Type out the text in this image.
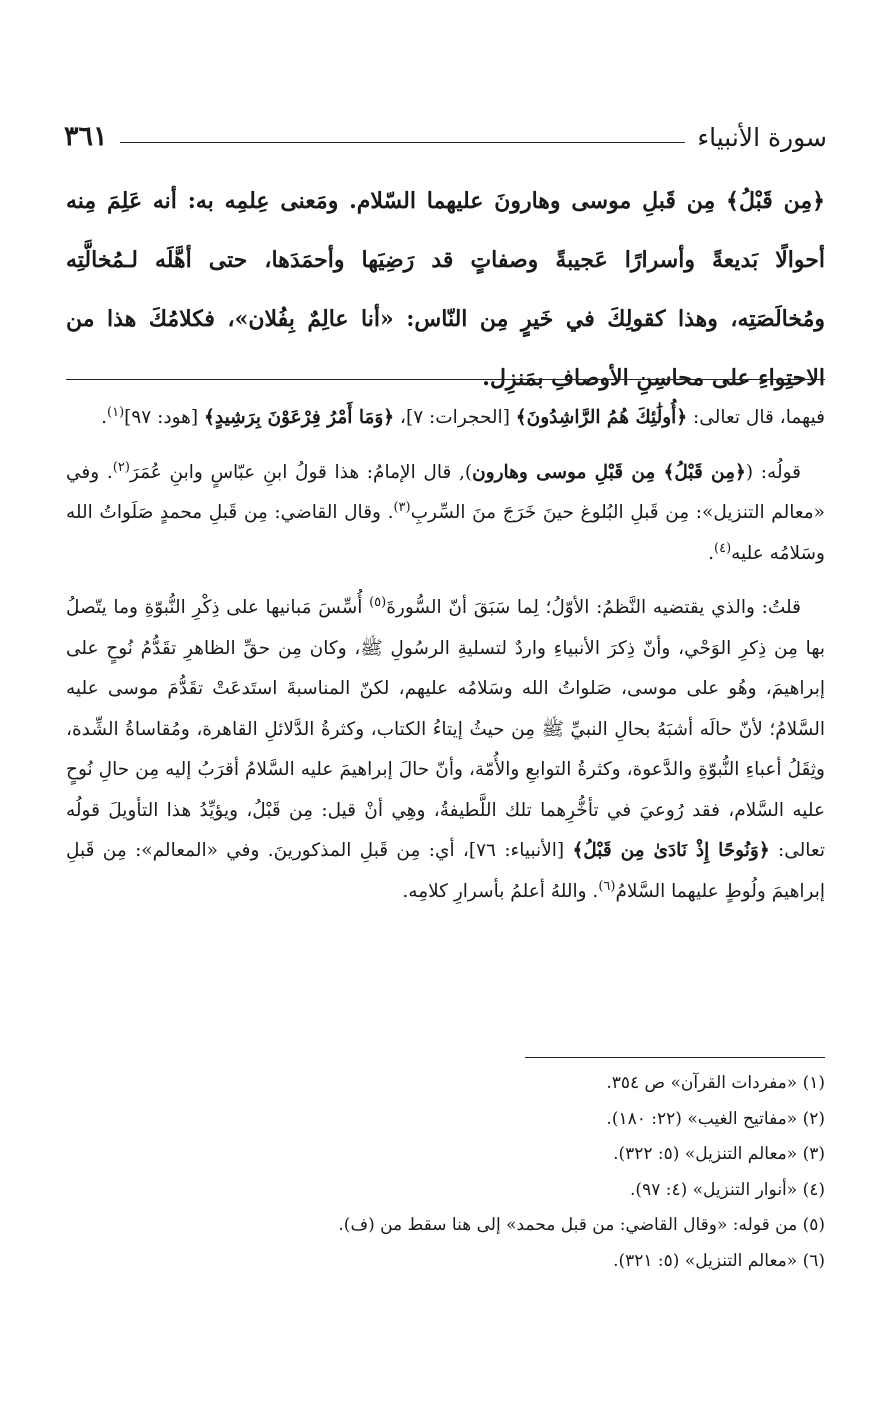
سورة الأنبياء
٣٦١
﴿مِن قَبْلُ﴾ مِن قَبلِ موسى وهارونَ عليهما السّلام. ومَعنى عِلمِه به: أنه عَلِمَ مِنه أحوالًا بَديعةً وأسرارًا عَجيبةً وصفاتٍ قد رَضِيَها وأحمَدَها، حتى أهَّلَه لـمُخالَّتِه ومُخالَصَتِه، وهذا كقولِكَ في خَيرٍ مِن النّاس: «أنا عالِمٌ بِفُلان»، فكلامُكَ هذا من الاحتِواءِ على محاسِنِ الأوصافِ بمَنزِل.

فيهما، قال تعالى: ﴿أُولَٰئِكَ هُمُ الرَّاشِدُونَ﴾ [الحجرات: ٧]، ﴿وَمَا أَمْرُ فِرْعَوْنَ بِرَشِيدٍ﴾ [هود: ٩٧]$^{(١)}$.

قولُه: (﴿مِن قَبْلُ﴾ مِن قَبْلِ موسى وهارون), قال الإمامُ: هذا قولُ ابنِ عبّاسٍ وابنِ عُمَرَ$^{(٢)}$. وفي «معالم التنزيل»: مِن قَبلِ البُلوغ حينَ خَرَجَ منَ السِّربِ$^{(٣)}$. وقال القاضي: مِن قَبلِ محمدٍ صَلَواتُ الله وسَلامُه عليه$^{(٤)}$.

قلتُ: والذي يقتضيه النَّظمُ: الأوّلُ؛ لِما سَبَقَ أنّ السُّورةَ$^{(٥)}$ أُسِّسَ مَبانيها على ذِكْرِ النُّبوّةِ وما يتّصلُ بها مِن ذِكرِ الوَحْي، وأنّ ذِكرَ الأنبياءِ واردٌ لتسليةِ الرسُولِ ﷺ، وكان مِن حقِّ الظاهرِ تقَدُّمُ نُوحٍ على إبراهيمَ، وهُو على موسى، صَلواتُ الله وسَلامُه عليهم، لكنّ المناسبةَ استَدعَتْ تقَدُّمَ موسى عليه السَّلامُ؛ لأنّ حالَه أشبَهُ بحالِ النبيِّ ﷺ مِن حيثُ إيتاءُ الكتاب، وكثرةُ الدَّلائلِ القاهرة، ومُقاساةُ الشِّدة، وثِقَلُ أعباءِ النُّبوّةِ والدَّعوة، وكثرةُ التوابعِ والأُمّة، وأنّ حالَ إبراهيمَ عليه السَّلامُ أقرَبُ إليه مِن حالِ نُوحٍ عليه السَّلام، فقد رُوعيَ في تأخُّرِهما تلك اللَّطيفةُ، وهِي أنْ قيل: مِن قَبْلُ، ويؤيِّدُ هذا التأويلَ قولُه تعالى: ﴿وَنُوحًا إِذْ نَادَىٰ مِن قَبْلُ﴾ [الأنبياء: ٧٦]، أي: مِن قَبلِ المذكورينَ. وفي «المعالم»: مِن قَبلِ إبراهيمَ ولُوطٍ عليهما السَّلامُ$^{(٦)}$. واللهُ أعلمُ بأسرارِ كلامِه.

(١) «مفردات القرآن» ص ٣٥٤.
(٢) «مفاتيح الغيب» (٢٢: ١٨٠).
(٣) «معالم التنزيل» (٥: ٣٢٢).
(٤) «أنوار التنزيل» (٤: ٩٧).
(٥) من قوله: «وقال القاضي: من قبل محمد» إلى هنا سقط من (ف).
(٦) «معالم التنزيل» (٥: ٣٢١).
